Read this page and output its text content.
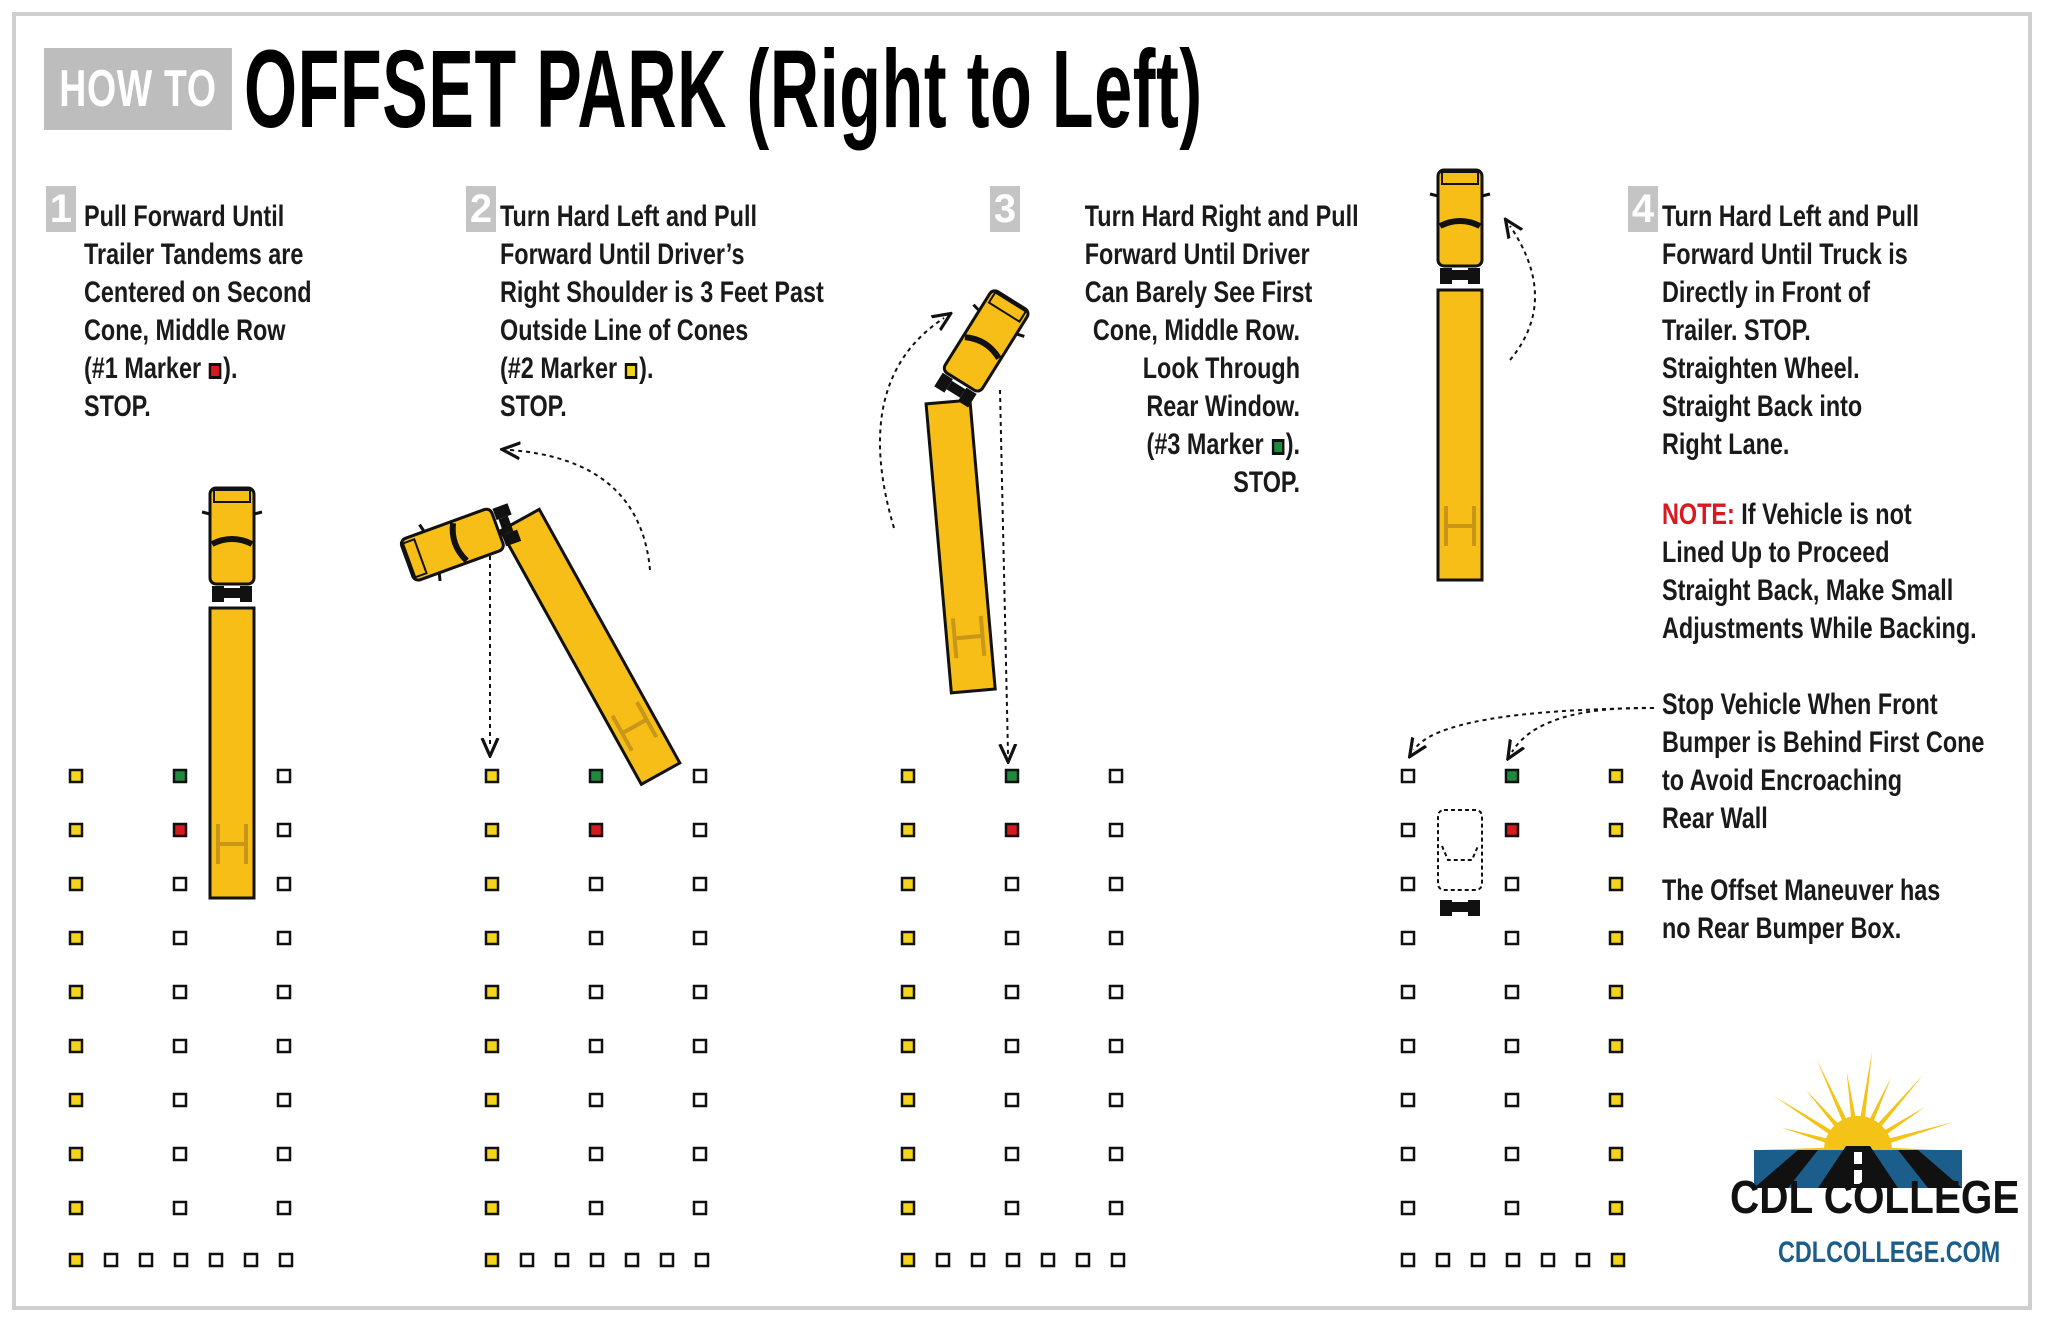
HOW TO OFFSET PARK (Right to Left)
1	2	3	4
Pull Forward Until
Trailer Tandems are
Centered on Second
Cone, Middle Row
(#1 Marker ).
STOP.
Turn Hard Left and Pull
Forward Until Driver’s
Right Shoulder is 3 Feet Past
Outside Line of Cones
(#2 Marker ).
STOP.
Turn Hard Right and Pull
Forward Until Driver
Can Barely See First
Cone, Middle Row.
Look Through
Rear Window.
(#3 Marker ).
STOP.
Turn Hard Left and Pull
Forward Until Truck is
Directly in Front of
Trailer. STOP.
Straighten Wheel.
Straight Back into
Right Lane.
NOTE: If Vehicle is not
Lined Up to Proceed
Straight Back, Make Small
Adjustments While Backing.
Stop Vehicle When Front
Bumper is Behind First Cone
to Avoid Encroaching
Rear Wall
The Offset Maneuver has
no Rear Bumper Box.
CDL COLLEGE
CDLCOLLEGE.COM
